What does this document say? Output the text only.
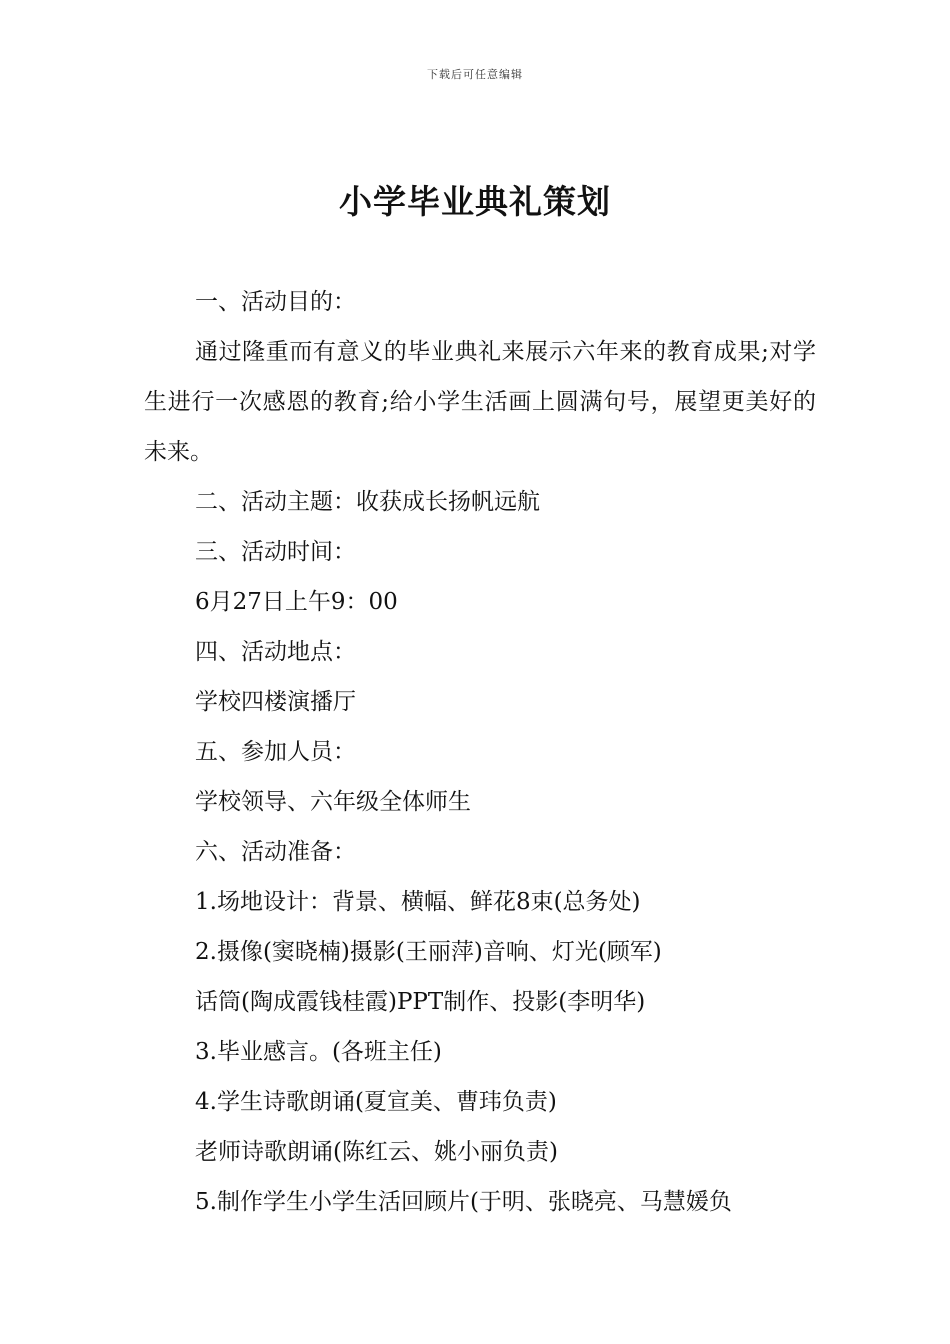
下载后可任意编辑
小学毕业典礼策划

一、活动目的：

通过隆重而有意义的毕业典礼来展示六年来的教育成果;对学生进行一次感恩的教育;给小学生活画上圆满句号，展望更美好的未来。

二、活动主题：收获成长扬帆远航

三、活动时间：

6月27日上午9：00

四、活动地点：

学校四楼演播厅

五、参加人员：

学校领导、六年级全体师生

六、活动准备：

1.场地设计：背景、横幅、鲜花8束(总务处)

2.摄像(窦晓楠)摄影(王丽萍)音响、灯光(顾军)

话筒(陶成霞钱桂霞)PPT制作、投影(李明华)

3.毕业感言。(各班主任)

4.学生诗歌朗诵(夏宣美、曹玮负责)

老师诗歌朗诵(陈红云、姚小丽负责)

5.制作学生小学生活回顾片(于明、张晓亮、马慧媛负
